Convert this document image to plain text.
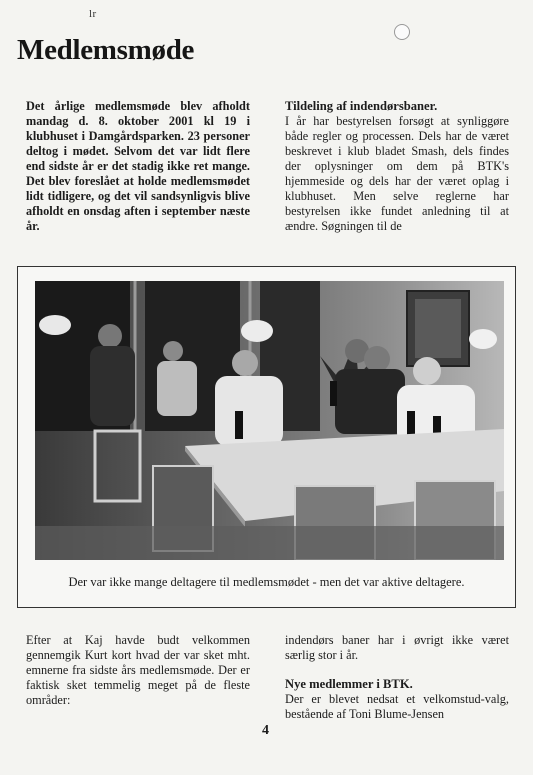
lr
Medlemsmøde

Det årlige medlemsmøde blev afholdt mandag d. 8. oktober 2001 kl 19 i klubhuset i Damgårdsparken. 23 personer deltog i mødet. Selvom det var lidt flere end sidste år er det stadig ikke ret mange. Det blev foreslået at holde medlemsmødet lidt tidligere, og det vil sandsynligvis blive afholdt en onsdag aften i september næste år.

Tildeling af indendørsbaner.

I år har bestyrelsen forsøgt at synliggøre både regler og processen. Dels har de været beskrevet i klub bladet Smash, dels findes der oplysninger om dem på BTK's hjemmeside og dels har der været oplag i klubhuset. Men selve reglerne har bestyrelsen ikke fundet anledning til at ændre. Søgningen til de

Der var ikke mange deltagere til medlemsmødet - men det var aktive deltagere.

Efter at Kaj havde budt velkommen gennemgik Kurt kort hvad der var sket mht. emnerne fra sidste års medlemsmøde. Der er faktisk sket temmelig meget på de fleste områder:

indendørs baner har i øvrigt ikke været særlig stor i år.

Nye medlemmer i BTK.

Der er blevet nedsat et velkomstud-valg, bestående af Toni Blume-Jensen

4
